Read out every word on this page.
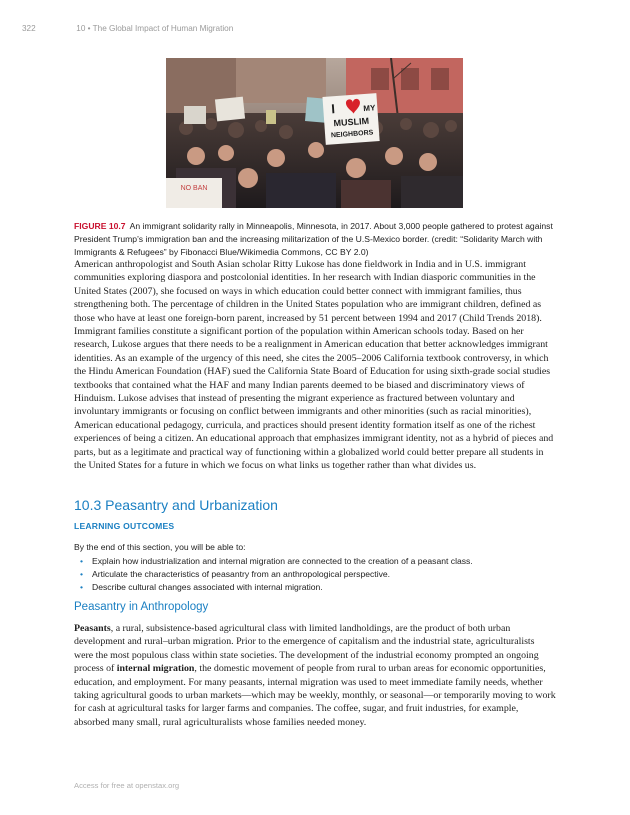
322	10 • The Global Impact of Human Migration
NO BAN
I	MY
MUSLIM
NEIGHBORS

FIGURE 10.7 An immigrant solidarity rally in Minneapolis, Minnesota, in 2017. About 3,000 people gathered to protest against President Trump’s immigration ban and the increasing militarization of the U.S-Mexico border. (credit: “Solidarity March with Immigrants & Refugees” by Fibonacci Blue/Wikimedia Commons, CC BY 2.0)

American anthropologist and South Asian scholar Ritty Lukose has done fieldwork in India and in U.S. immigrant communities exploring diaspora and postcolonial identities. In her research with Indian diasporic communities in the United States (2007), she focused on ways in which education could better connect with immigrant families, thus strengthening both. The percentage of children in the United States population who are immigrant children, defined as those who have at least one foreign-born parent, increased by 51 percent between 1994 and 2017 (Child Trends 2018). Immigrant families constitute a significant portion of the population within American schools today. Based on her research, Lukose argues that there needs to be a realignment in American education that better acknowledges immigrant identities. As an example of the urgency of this need, she cites the 2005–2006 California textbook controversy, in which the Hindu American Foundation (HAF) sued the California State Board of Education for using sixth-grade social studies textbooks that contained what the HAF and many Indian parents deemed to be biased and discriminatory views of Hinduism. Lukose advises that instead of presenting the migrant experience as fractured between voluntary and involuntary immigrants or focusing on conflict between immigrants and other minorities (such as racial minorities), American educational pedagogy, curricula, and practices should present identity formation itself as one of the richest experiences of being a citizen. An educational approach that emphasizes immigrant identity, not as a hybrid of pieces and parts, but as a legitimate and practical way of functioning within a globalized world could better prepare all students in the United States for a future in which we focus on what links us together rather than what divides us.

10.3 Peasantry and Urbanization
LEARNING OUTCOMES

By the end of this section, you will be able to:

• Explain how industrialization and internal migration are connected to the creation of a peasant class.
• Articulate the characteristics of peasantry from an anthropological perspective.
• Describe cultural changes associated with internal migration.
Peasantry in Anthropology

Peasants, a rural, subsistence-based agricultural class with limited landholdings, are the product of both urban development and rural–urban migration. Prior to the emergence of capitalism and the industrial state, agriculturalists were the most populous class within state societies. The development of the industrial economy prompted an ongoing process of internal migration, the domestic movement of people from rural to urban areas for economic opportunities, education, and employment. For many peasants, internal migration was used to meet immediate family needs, whether taking agricultural goods to urban markets—which may be weekly, monthly, or seasonal—or temporarily moving to work for cash at agricultural tasks for larger farms and companies. The coffee, sugar, and fruit industries, for example, absorbed many small, rural agriculturalists whose families needed money.

Access for free at openstax.org
